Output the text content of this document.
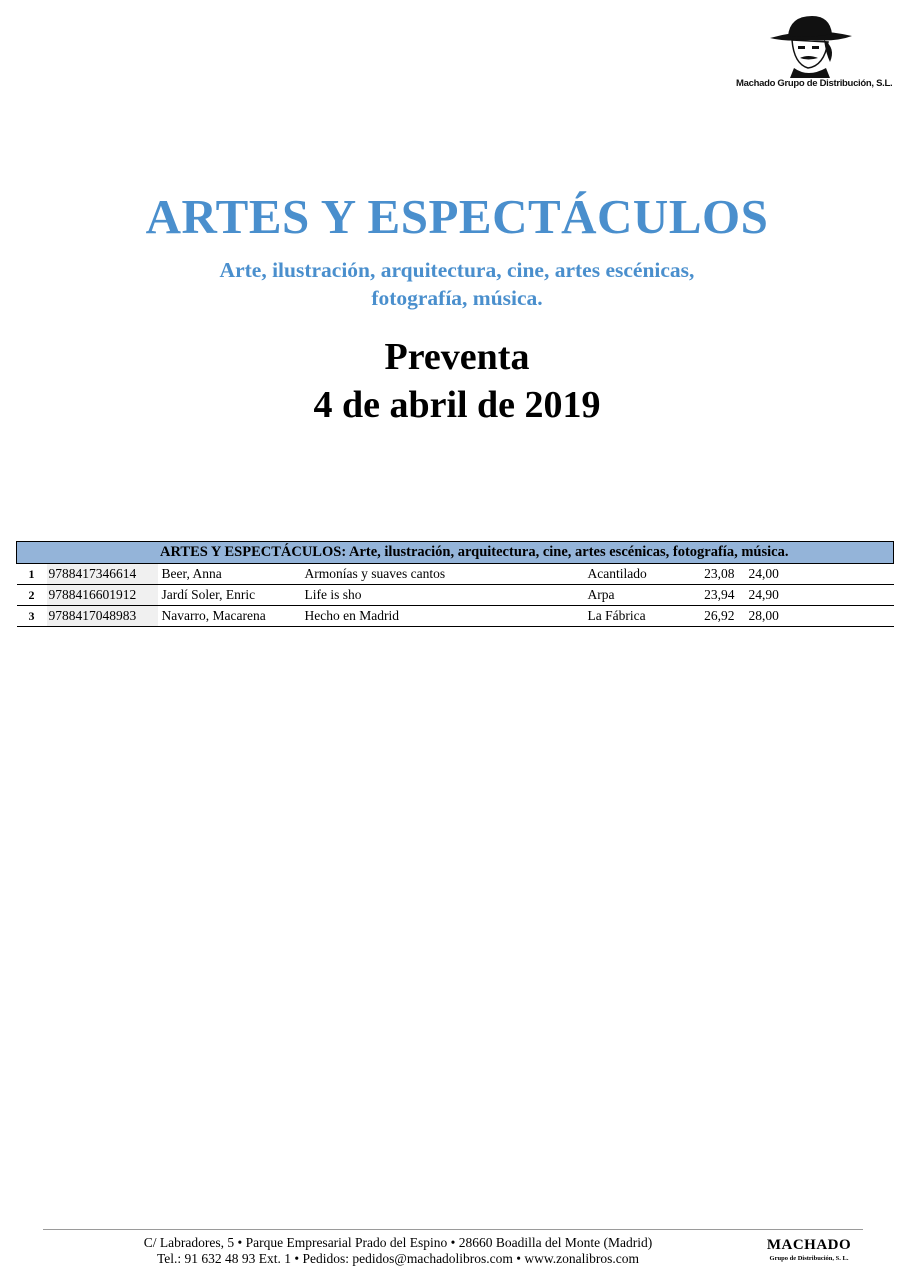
Machado Grupo de Distribución, S.L.
ARTES Y ESPECTÁCULOS
Arte, ilustración, arquitectura, cine, artes escénicas,
fotografía, música.
Preventa
4 de abril de 2019
ARTES Y ESPECTÁCULOS: Arte, ilustración, arquitectura, cine, artes escénicas, fotografía, música.						
1	9788417346614	Beer, Anna	Armonías y suaves cantos	Acantilado	23,08	24,00
2	9788416601912	Jardí Soler, Enric	Life is sho	Arpa	23,94	24,90
3	9788417048983	Navarro, Macarena	Hecho en Madrid	La Fábrica	26,92	28,00
C/ Labradores, 5 • Parque Empresarial Prado del Espino • 28660 Boadilla del Monte (Madrid)
Tel.: 91 632 48 93 Ext. 1 • Pedidos: pedidos@machadolibros.com • www.zonalibros.com
MACHADO
Grupo de Distribución, S. L.
